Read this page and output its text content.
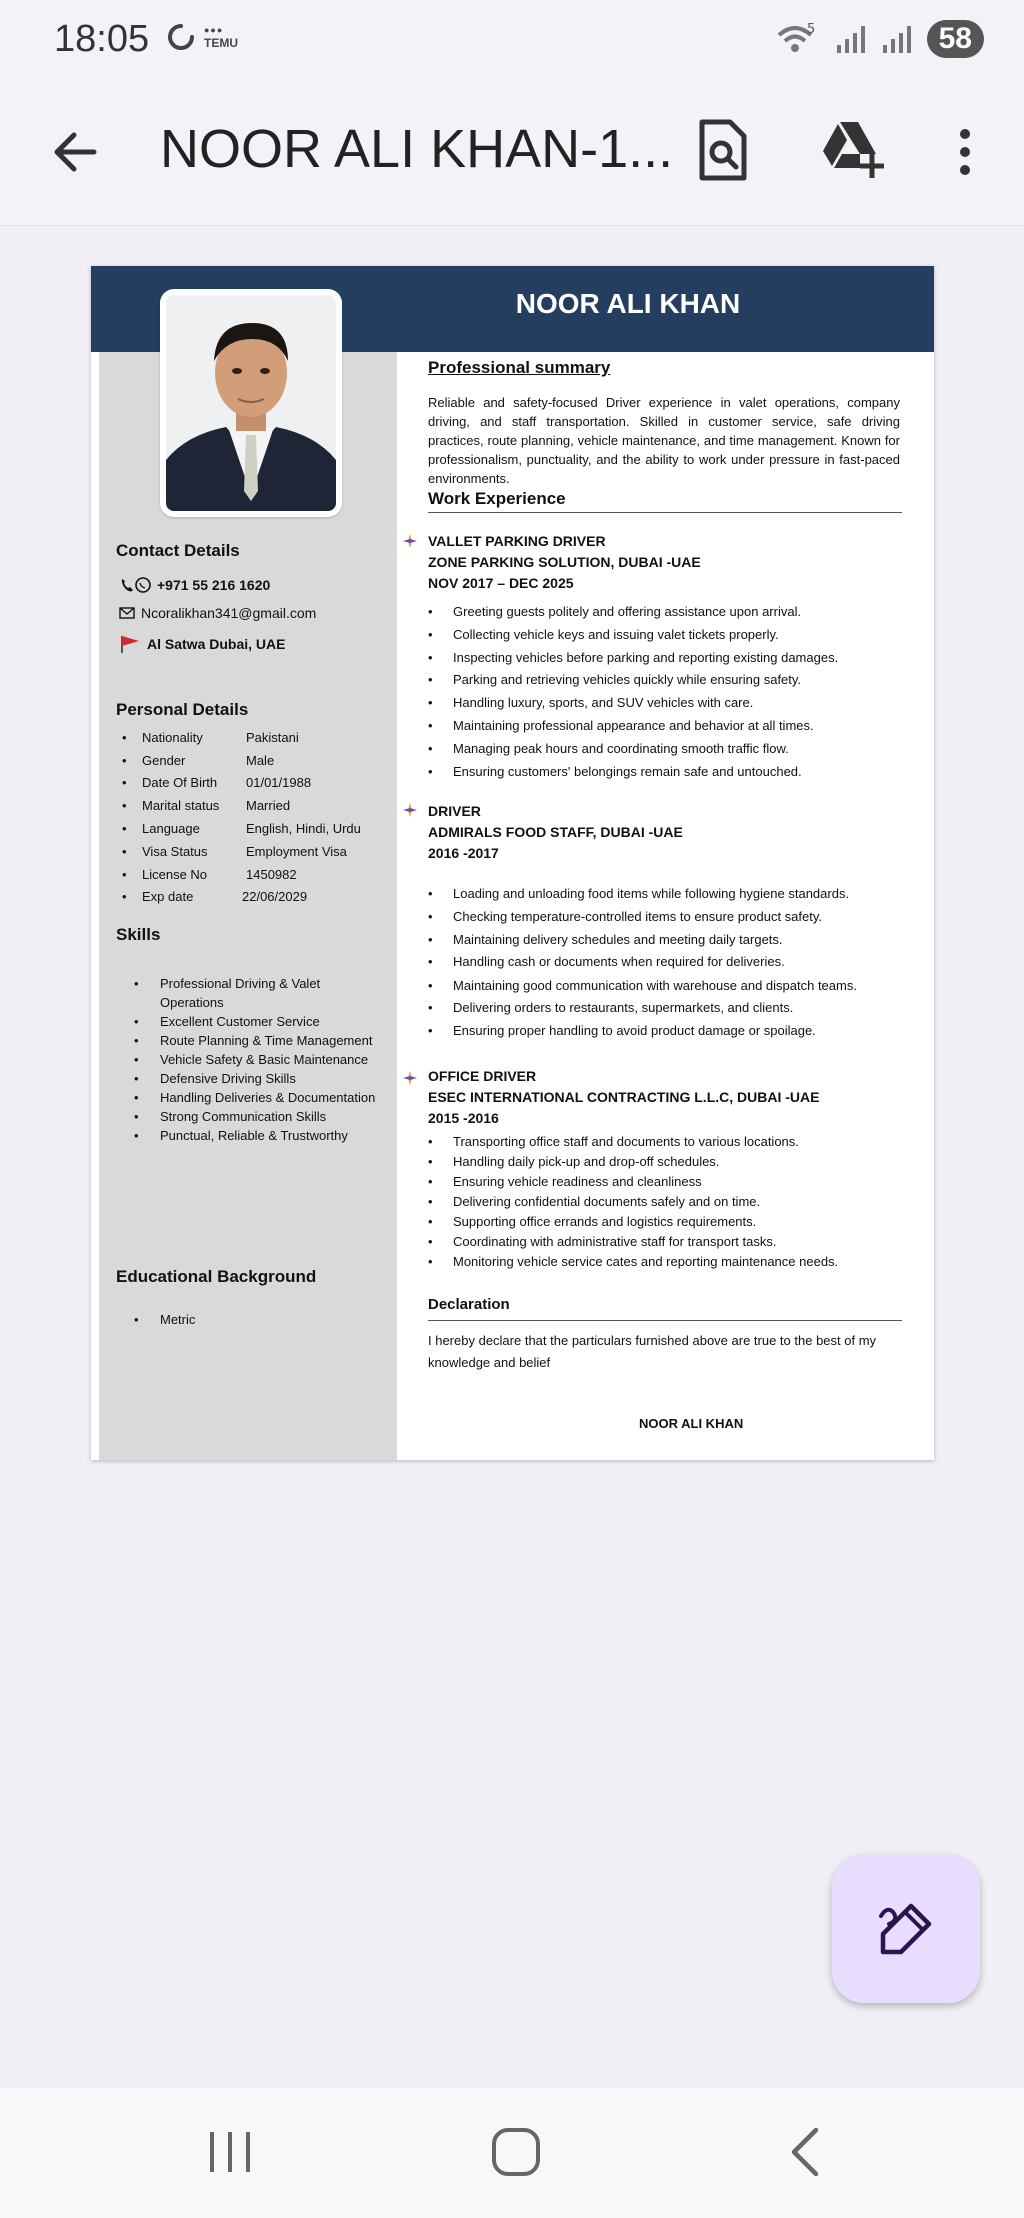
18:05	●●●
TEMU
5	58
NOOR ALI KHAN-1...
NOOR ALI KHAN
Contact Details
+971 55 216 1620
Ncoralikhan341@gmail.com
Al Satwa Dubai, UAE
Personal Details
• Nationality	Pakistani
• Gender	Male
• Date Of Birth	01/01/1988
• Marital status	Married
• Language	English, Hindi, Urdu
• Visa Status	Employment Visa
• License No	1450982
• Exp date	22/06/2029
Skills
• Professional Driving & Valet Operations
• Excellent Customer Service
• Route Planning & Time Management
• Vehicle Safety & Basic Maintenance
• Defensive Driving Skills
• Handling Deliveries & Documentation
• Strong Communication Skills
• Punctual, Reliable & Trustworthy
Educational Background
• Metric
Professional summary
Reliable and safety-focused Driver experience in valet operations, company driving, and staff transportation. Skilled in customer service, safe driving practices, route planning, vehicle maintenance, and time management. Known for professionalism, punctuality, and the ability to work under pressure in fast-paced environments.
Work Experience
VALLET PARKING DRIVER
ZONE PARKING SOLUTION, DUBAI -UAE
NOV 2017 – DEC 2025
• Greeting guests politely and offering assistance upon arrival.
• Collecting vehicle keys and issuing valet tickets properly.
• Inspecting vehicles before parking and reporting existing damages.
• Parking and retrieving vehicles quickly while ensuring safety.
• Handling luxury, sports, and SUV vehicles with care.
• Maintaining professional appearance and behavior at all times.
• Managing peak hours and coordinating smooth traffic flow.
• Ensuring customers' belongings remain safe and untouched.
DRIVER
ADMIRALS FOOD STAFF, DUBAI -UAE
2016 -2017
• Loading and unloading food items while following hygiene standards.
• Checking temperature-controlled items to ensure product safety.
• Maintaining delivery schedules and meeting daily targets.
• Handling cash or documents when required for deliveries.
• Maintaining good communication with warehouse and dispatch teams.
• Delivering orders to restaurants, supermarkets, and clients.
• Ensuring proper handling to avoid product damage or spoilage.
OFFICE DRIVER
ESEC INTERNATIONAL CONTRACTING L.L.C, DUBAI -UAE
2015 -2016
• Transporting office staff and documents to various locations.
• Handling daily pick-up and drop-off schedules.
• Ensuring vehicle readiness and cleanliness
• Delivering confidential documents safely and on time.
• Supporting office errands and logistics requirements.
• Coordinating with administrative staff for transport tasks.
• Monitoring vehicle service cates and reporting maintenance needs.
Declaration
I hereby declare that the particulars furnished above are true to the best of my knowledge and belief
NOOR ALI KHAN
